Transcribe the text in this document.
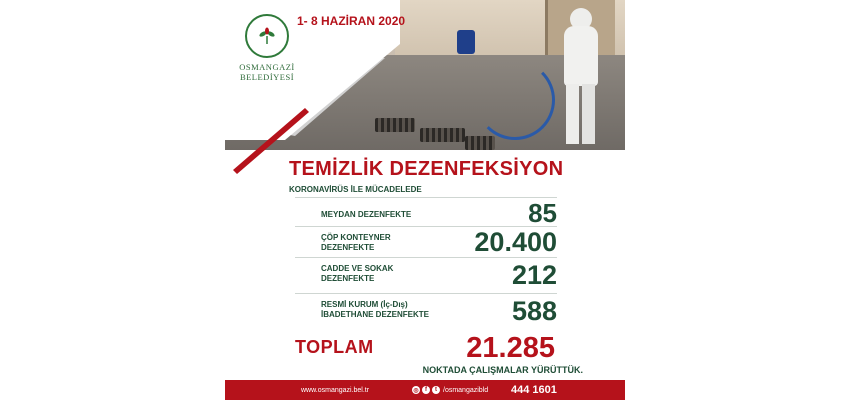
OSMANGAZİ
BELEDİYESİ
1- 8 HAZİRAN 2020
TEMİZLİK DEZENFEKSİYON
KORONAVİRÜS İLE MÜCADELEDE
MEYDAN DEZENFEKTE	85
ÇÖP KONTEYNER
DEZENFEKTE	20.400
CADDE VE SOKAK
DEZENFEKTE	212
RESMİ KURUM (İç-Dış)
İBADETHANE DEZENFEKTE	588
TOPLAM	21.285
NOKTADA ÇALIŞMALAR YÜRÜTTÜK.
www.osmangazi.bel.tr	◎	f	t /osmangazibld 444 1601
